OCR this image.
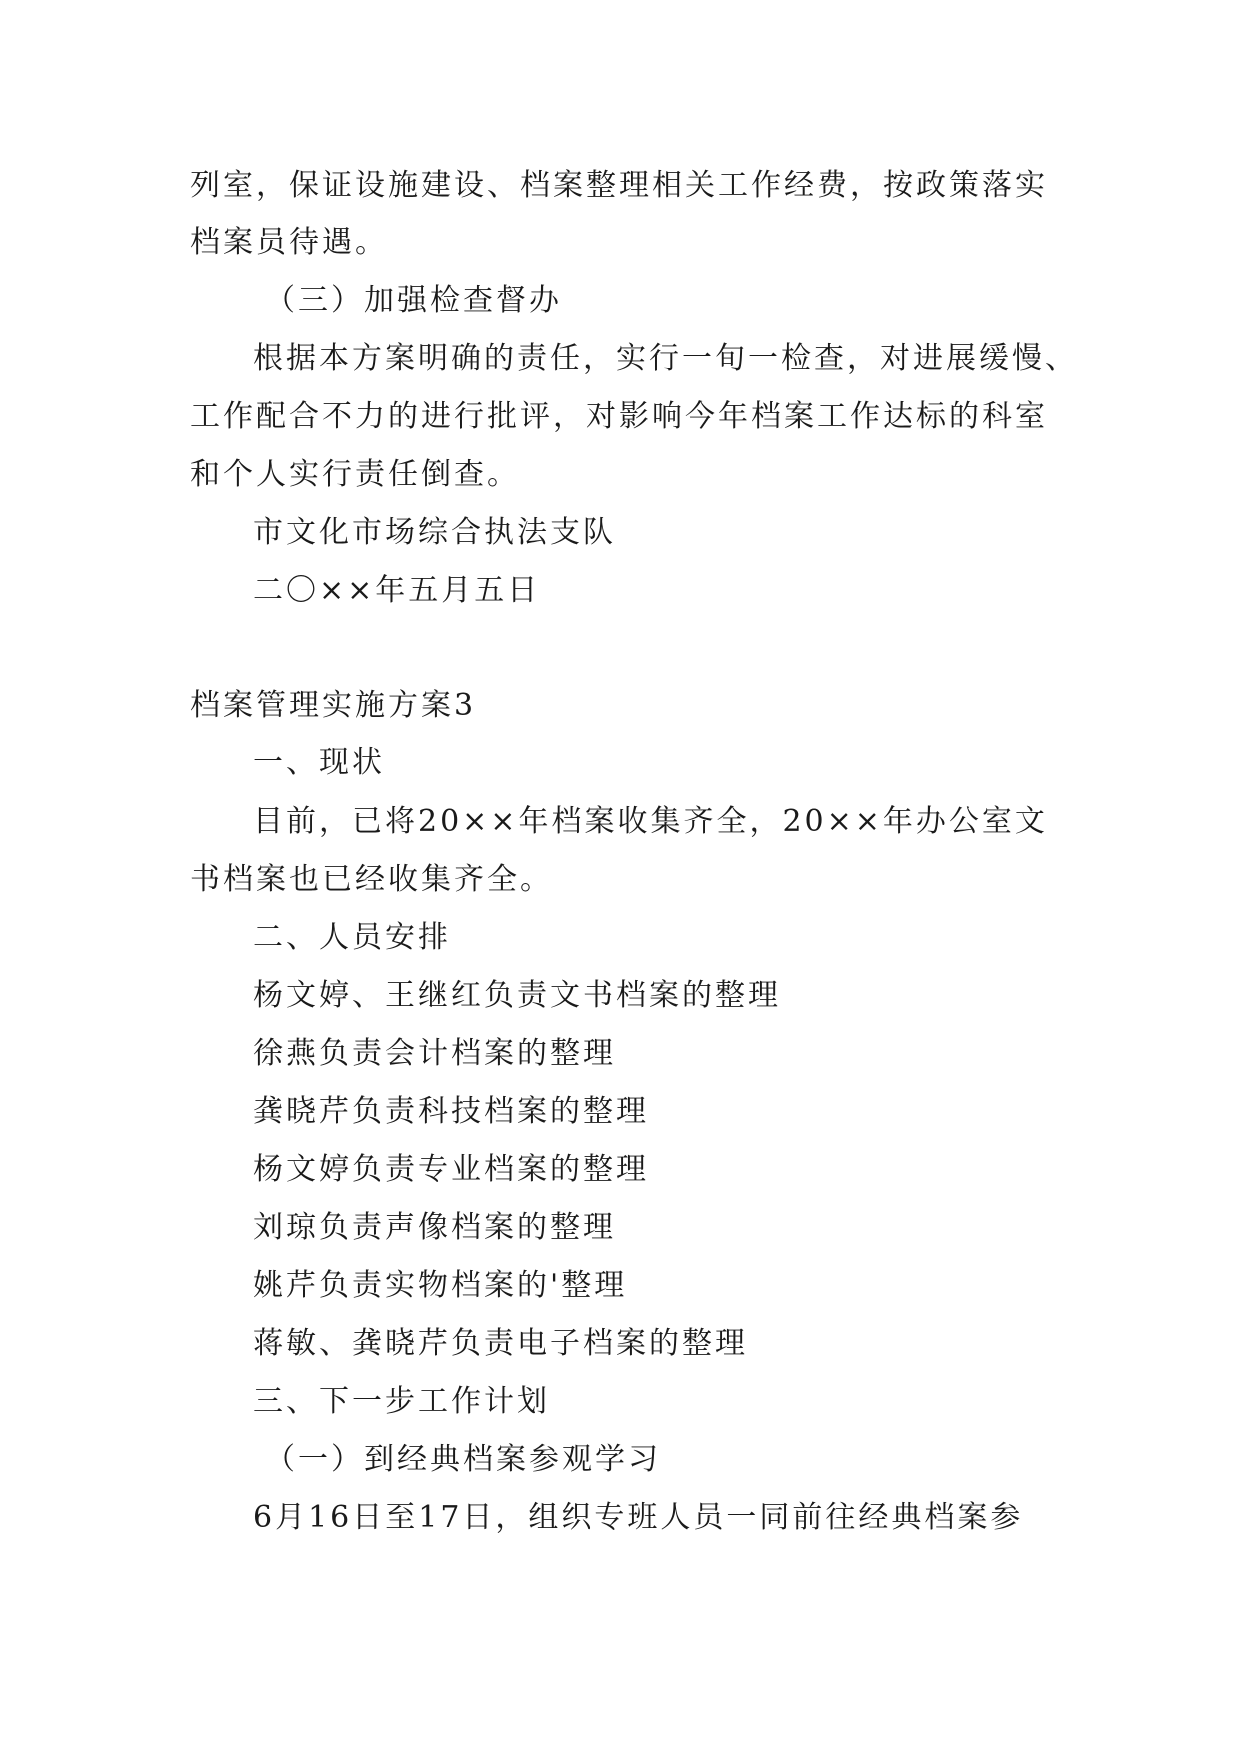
列室，保证设施建设、档案整理相关工作经费，按政策落实
档案员待遇。
（三）加强检查督办
根据本方案明确的责任，实行一旬一检查，对进展缓慢、
工作配合不力的进行批评，对影响今年档案工作达标的科室
和个人实行责任倒查。
市文化市场综合执法支队
二〇××年五月五日
档案管理实施方案3
一、现状
目前，已将20××年档案收集齐全，20××年办公室文
书档案也已经收集齐全。
二、人员安排
杨文婷、王继红负责文书档案的整理
徐燕负责会计档案的整理
龚晓芹负责科技档案的整理
杨文婷负责专业档案的整理
刘琼负责声像档案的整理
姚芹负责实物档案的'整理
蒋敏、龚晓芹负责电子档案的整理
三、下一步工作计划
（一）到经典档案参观学习
6月16日至17日，组织专班人员一同前往经典档案参
